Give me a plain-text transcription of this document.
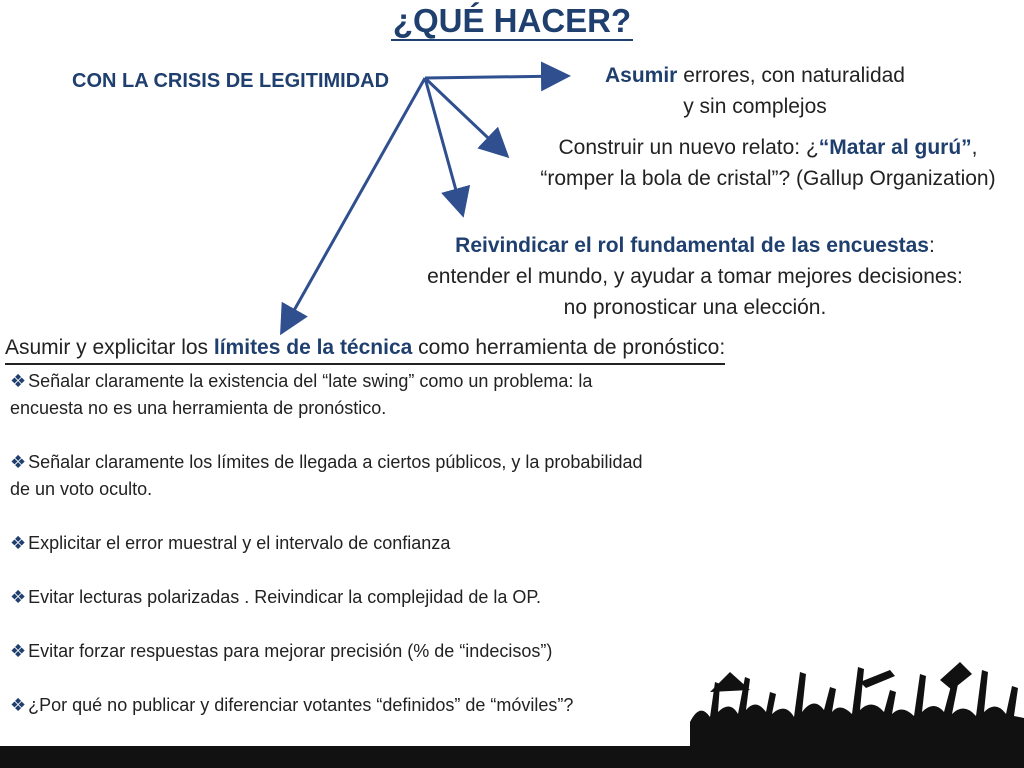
¿QUÉ HACER?
CON LA CRISIS DE LEGITIMIDAD	Asumir errores, con naturalidad
y sin complejos
Construir un nuevo relato: ¿“Matar al gurú”, “romper la bola de cristal”? (Gallup Organization)
Reivindicar el rol fundamental de las encuestas: entender el mundo, y ayudar a tomar mejores decisiones: no pronosticar una elección.
Asumir y explicitar los límites de la técnica como herramienta de pronóstico:
❖ Señalar claramente la existencia del “late swing” como un problema: la encuesta no es una herramienta de pronóstico.
❖ Señalar claramente los límites de llegada a ciertos públicos, y la probabilidad de un voto oculto.
❖ Explicitar el error muestral y el intervalo de confianza
❖ Evitar lecturas polarizadas . Reivindicar la complejidad de la OP.
❖ Evitar forzar respuestas para mejorar precisión (% de “indecisos”)
❖ ¿Por qué no publicar y diferenciar votantes “definidos” de “móviles”?
